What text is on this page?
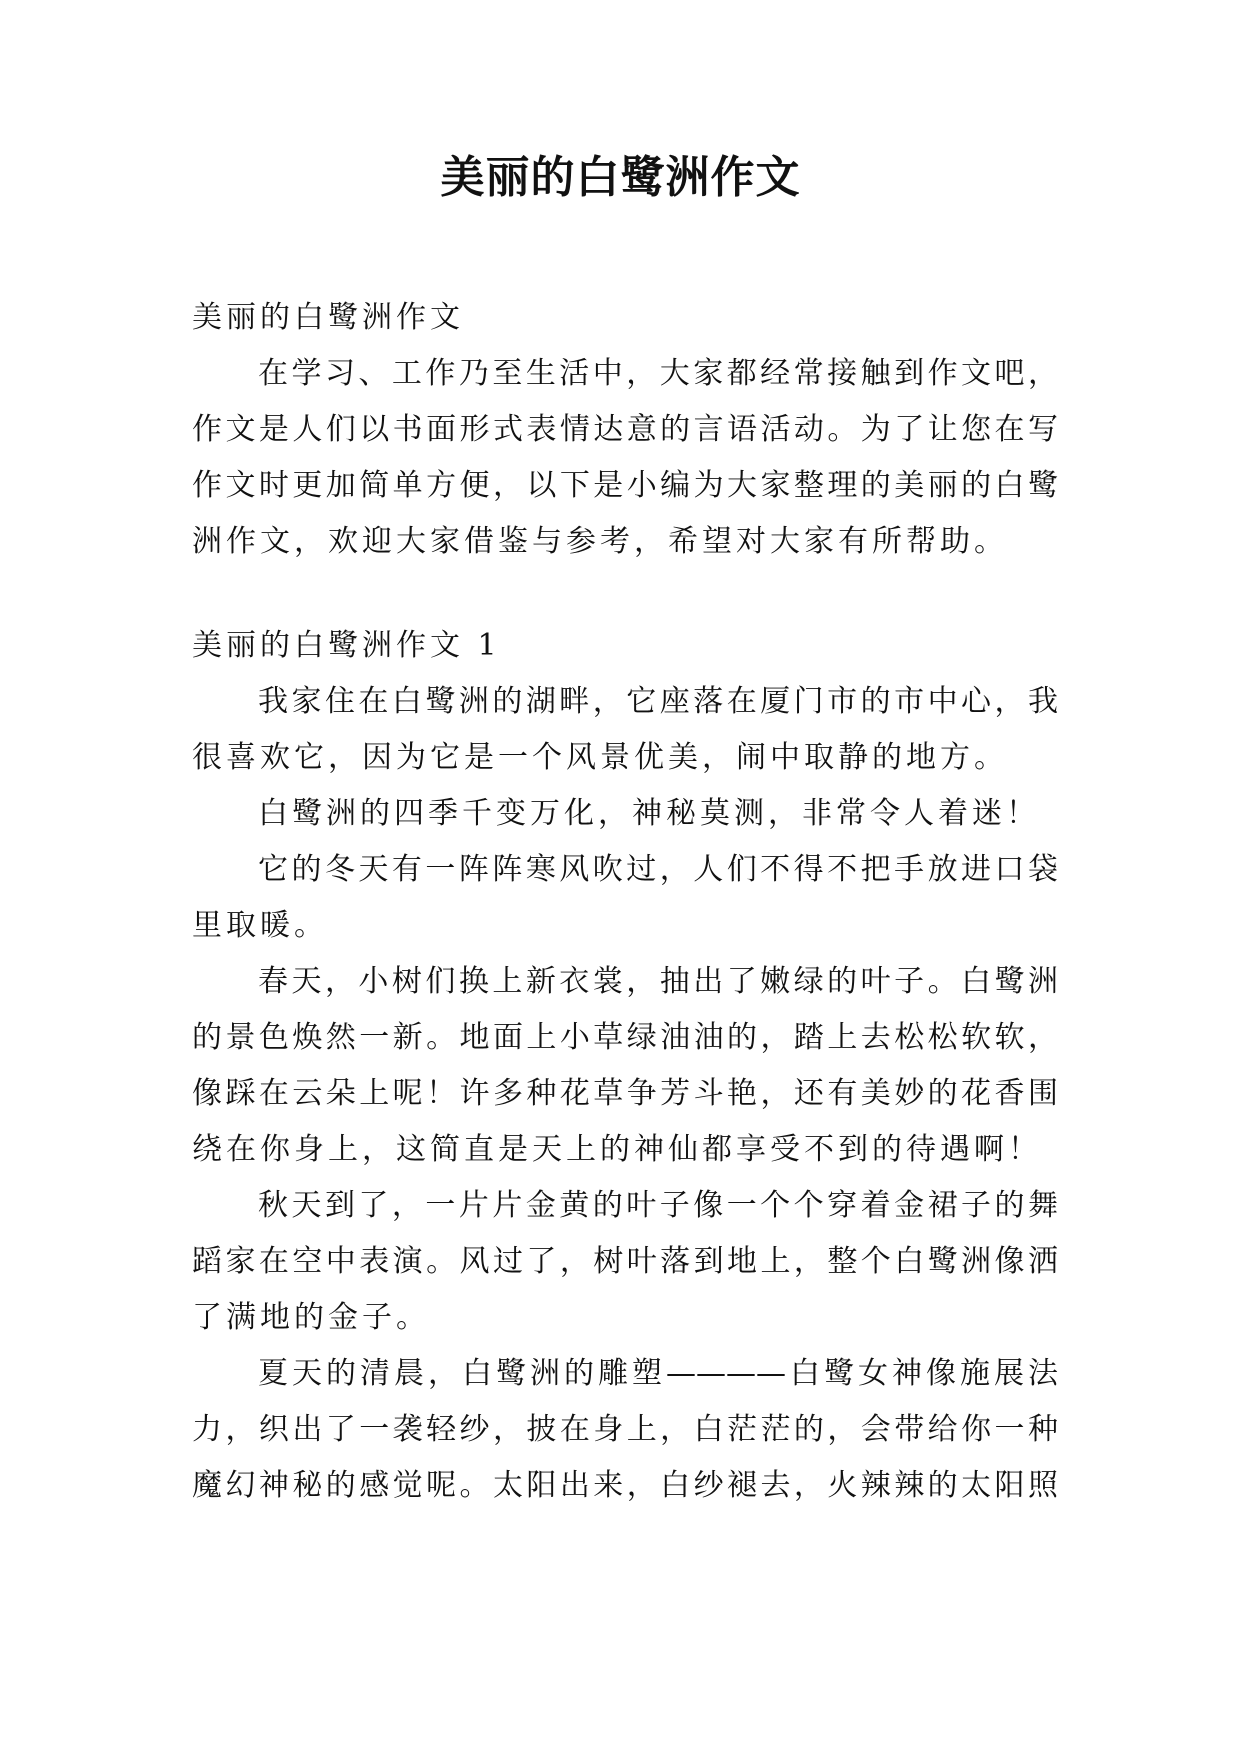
美丽的白鹭洲作文

美丽的白鹭洲作文

在学习、工作乃至生活中，大家都经常接触到作文吧，

作文是人们以书面形式表情达意的言语活动。为了让您在写

作文时更加简单方便，以下是小编为大家整理的美丽的白鹭

洲作文，欢迎大家借鉴与参考，希望对大家有所帮助。

美丽的白鹭洲作文 1

我家住在白鹭洲的湖畔，它座落在厦门市的市中心，我

很喜欢它，因为它是一个风景优美，闹中取静的地方。

白鹭洲的四季千变万化，神秘莫测，非常令人着迷！

它的冬天有一阵阵寒风吹过，人们不得不把手放进口袋

里取暖。

春天，小树们换上新衣裳，抽出了嫩绿的叶子。白鹭洲

的景色焕然一新。地面上小草绿油油的，踏上去松松软软，

像踩在云朵上呢！许多种花草争芳斗艳，还有美妙的花香围

绕在你身上，这简直是天上的神仙都享受不到的待遇啊！

秋天到了，一片片金黄的叶子像一个个穿着金裙子的舞

蹈家在空中表演。风过了，树叶落到地上，整个白鹭洲像洒

了满地的金子。

夏天的清晨，白鹭洲的雕塑————白鹭女神像施展法

力，织出了一袭轻纱，披在身上，白茫茫的，会带给你一种

魔幻神秘的感觉呢。太阳出来，白纱褪去，火辣辣的太阳照
